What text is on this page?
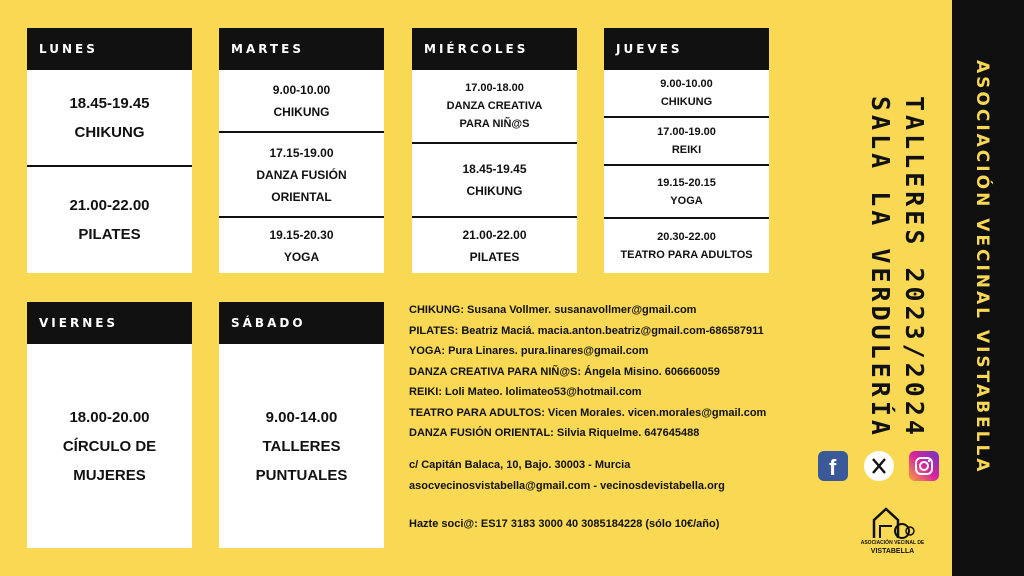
LUNES
18.45-19.45
CHIKUNG
21.00-22.00
PILATES
MARTES
9.00-10.00
CHIKUNG
17.15-19.00
DANZA FUSIÓN
ORIENTAL
19.15-20.30
YOGA
MIÉRCOLES
17.00-18.00
DANZA CREATIVA
PARA NIÑ@S
18.45-19.45
CHIKUNG
21.00-22.00
PILATES
JUEVES
9.00-10.00
CHIKUNG
17.00-19.00
REIKI
19.15-20.15
YOGA
20.30-22.00
TEATRO PARA ADULTOS
VIERNES
18.00-20.00
CÍRCULO DE
MUJERES
SÁBADO
9.00-14.00
TALLERES
PUNTUALES
CHIKUNG: Susana Vollmer. susanavollmer@gmail.com
PILATES: Beatriz Maciá. macia.anton.beatriz@gmail.com-686587911
YOGA: Pura Linares. pura.linares@gmail.com
DANZA CREATIVA PARA NIÑ@S: Ángela Misino. 606660059
REIKI: Loli Mateo. lolimateo53@hotmail.com
TEATRO PARA ADULTOS: Vicen Morales. vicen.morales@gmail.com
DANZA FUSIÓN ORIENTAL: Silvia Riquelme. 647645488
c/ Capitán Balaca, 10, Bajo. 30003 - Murcia
asocvecinosvistabella@gmail.com - vecinosdevistabella.org
Hazte soci@: ES17 3183 3000 40 3085184228 (sólo 10€/año)
TALLERES 2023/2024
SALA LA VERDULERÍA
f
ASOCIACIÓN VECINAL DE
VISTABELLA
ASOCIACIÓN VECINAL VISTABELLA
